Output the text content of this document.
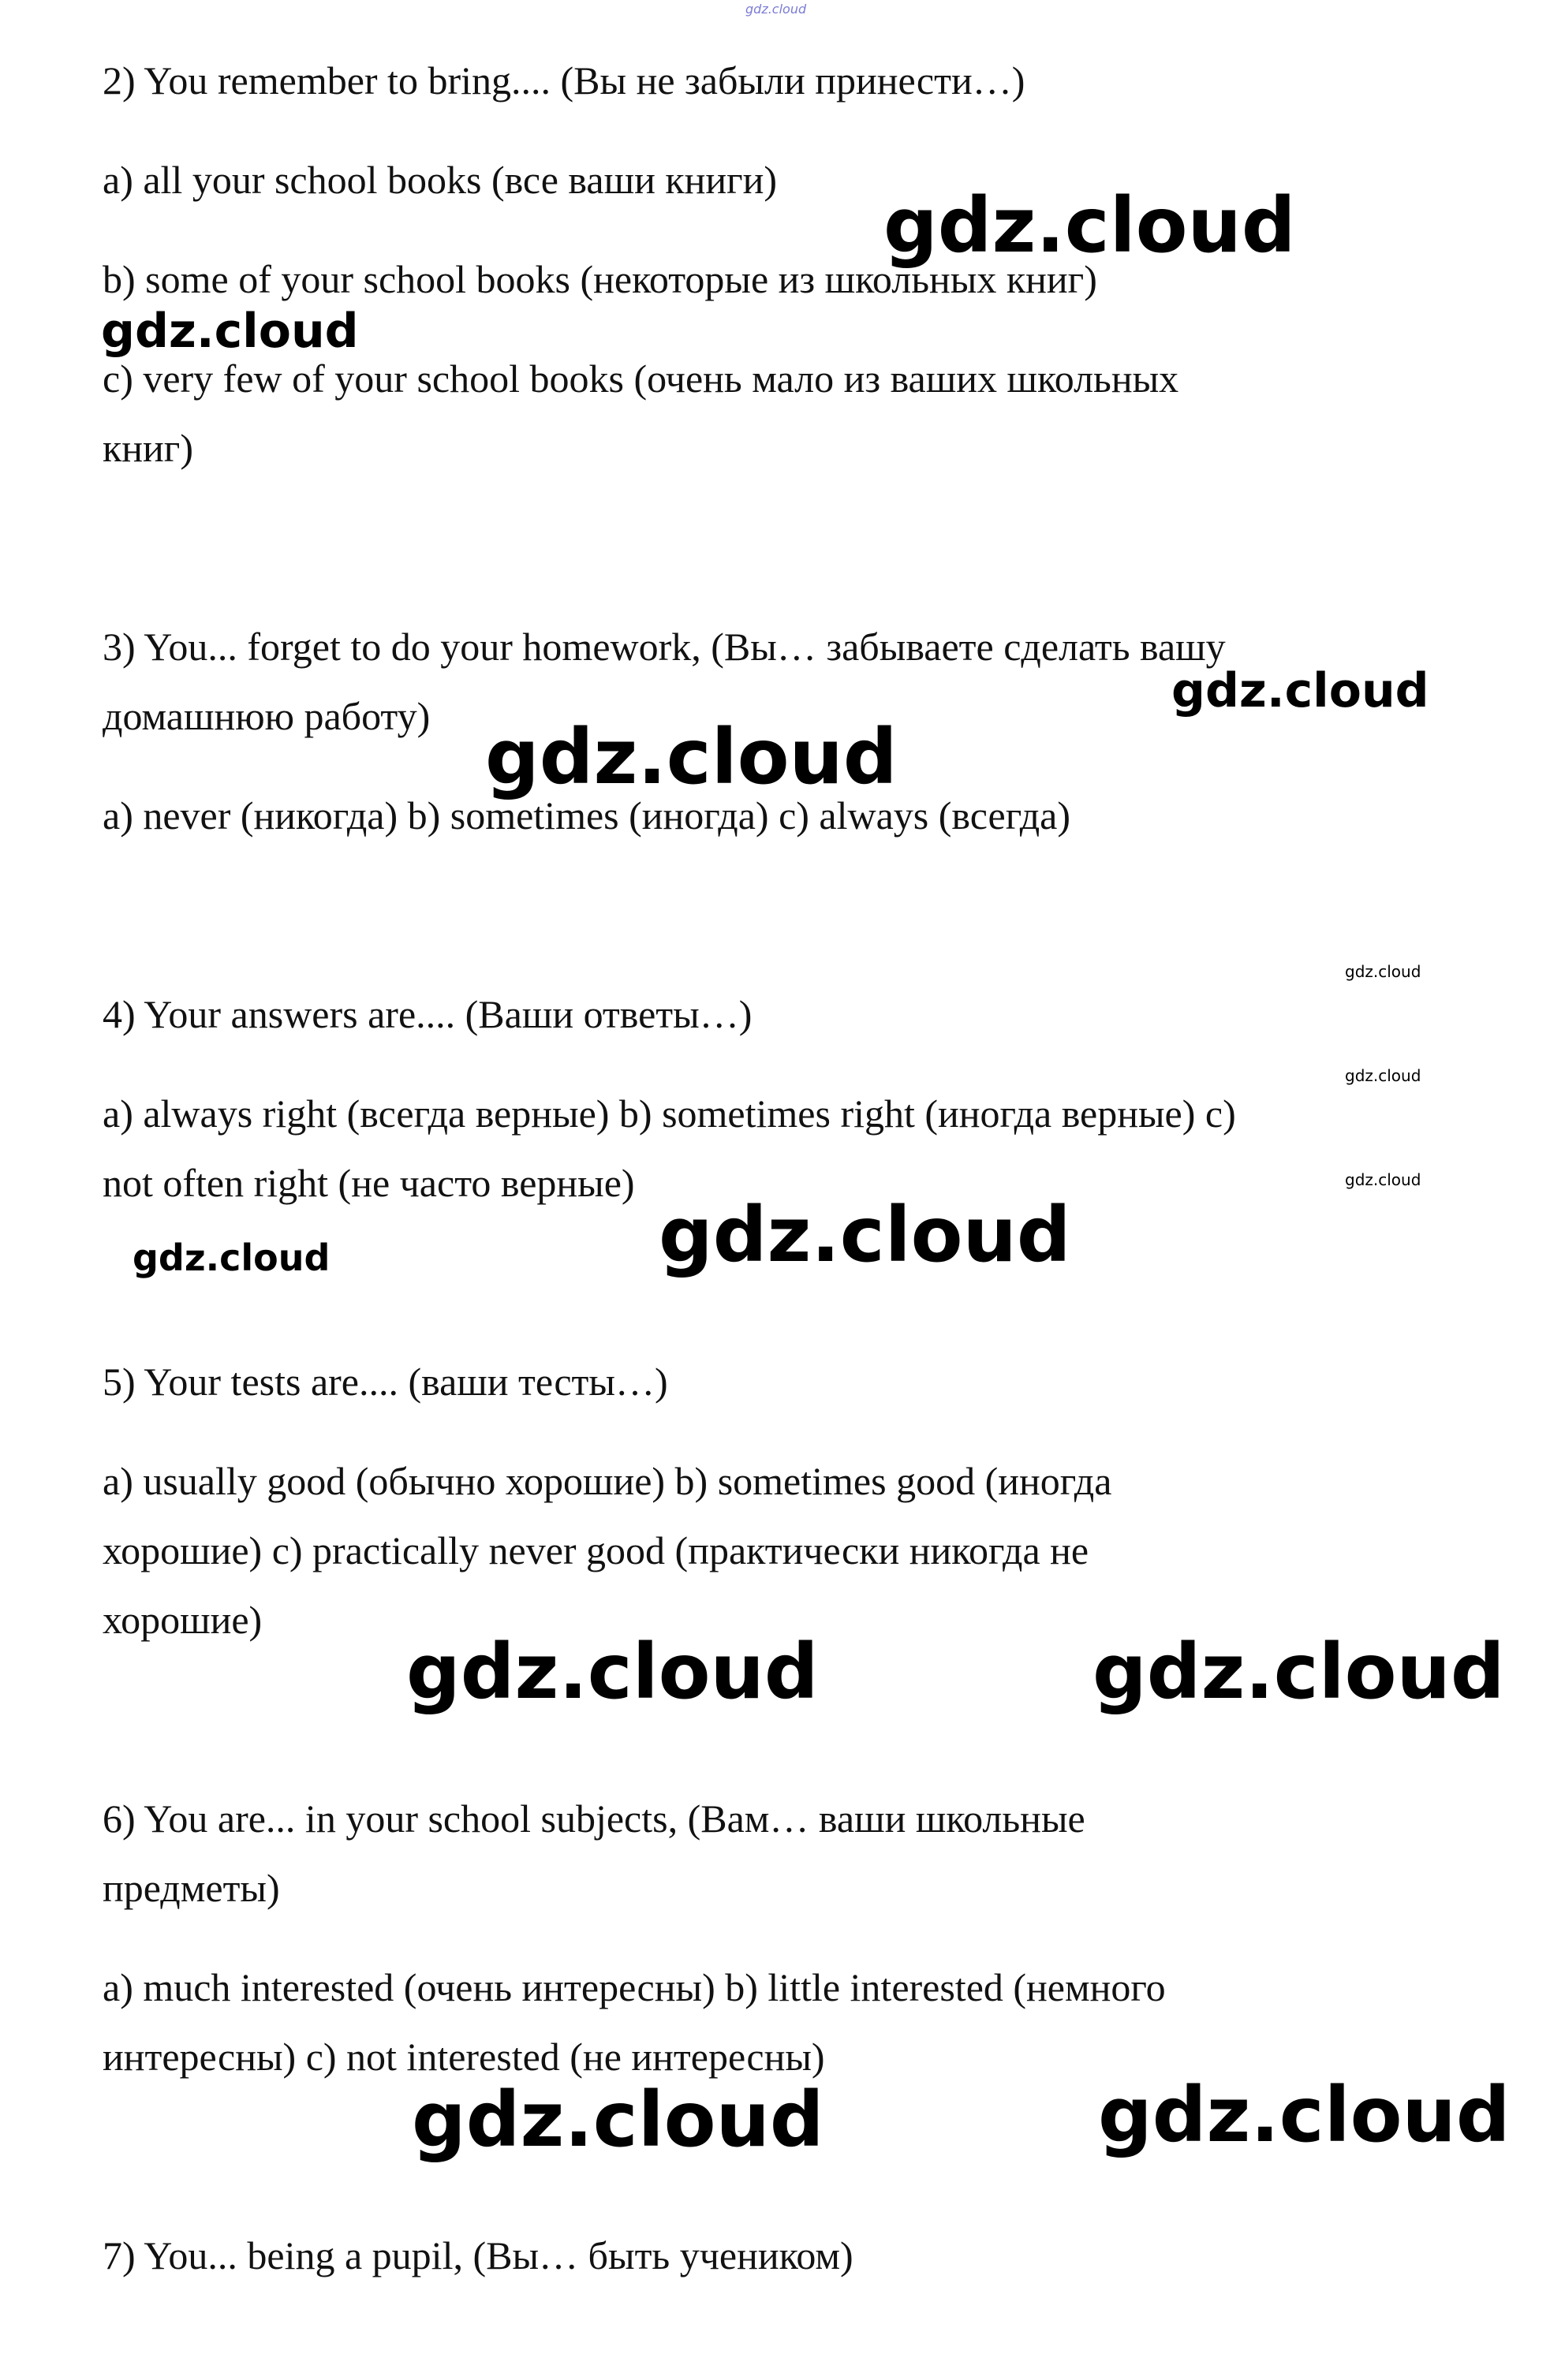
gdz.cloud
2) You remember to bring.... (Вы не забыли принести…)
a) all your school books (все ваши книги)
b) some of your school books (некоторые из школьных книг)
c) very few of your school books (очень мало из ваших школьных
книг)
3) You... forget to do your homework, (Вы… забываете сделать вашу
домашнюю работу)
a) never (никогда) b) sometimes (иногда) c) always (всегда)
4) Your answers are.... (Ваши ответы…)
a) always right (всегда верные) b) sometimes right (иногда верные) c)
not often right (не часто верные)
5) Your tests are.... (ваши тесты…)
a) usually good (обычно хорошие) b) sometimes good (иногда
хорошие) c) practically never good (практически никогда не
хорошие)
6) You are... in your school subjects, (Вам… ваши школьные
предметы)
a) much interested (очень интересны) b) little interested (немного
интересны) c) not interested (не интересны)
7) You... being a pupil, (Вы… быть учеником)
gdz.cloud
gdz.cloud
gdz.cloud
gdz.cloud
gdz.cloud
gdz.cloud
gdz.cloud
gdz.cloud	gdz.cloud
gdz.cloud	gdz.cloud
gdz.cloud	gdz.cloud
